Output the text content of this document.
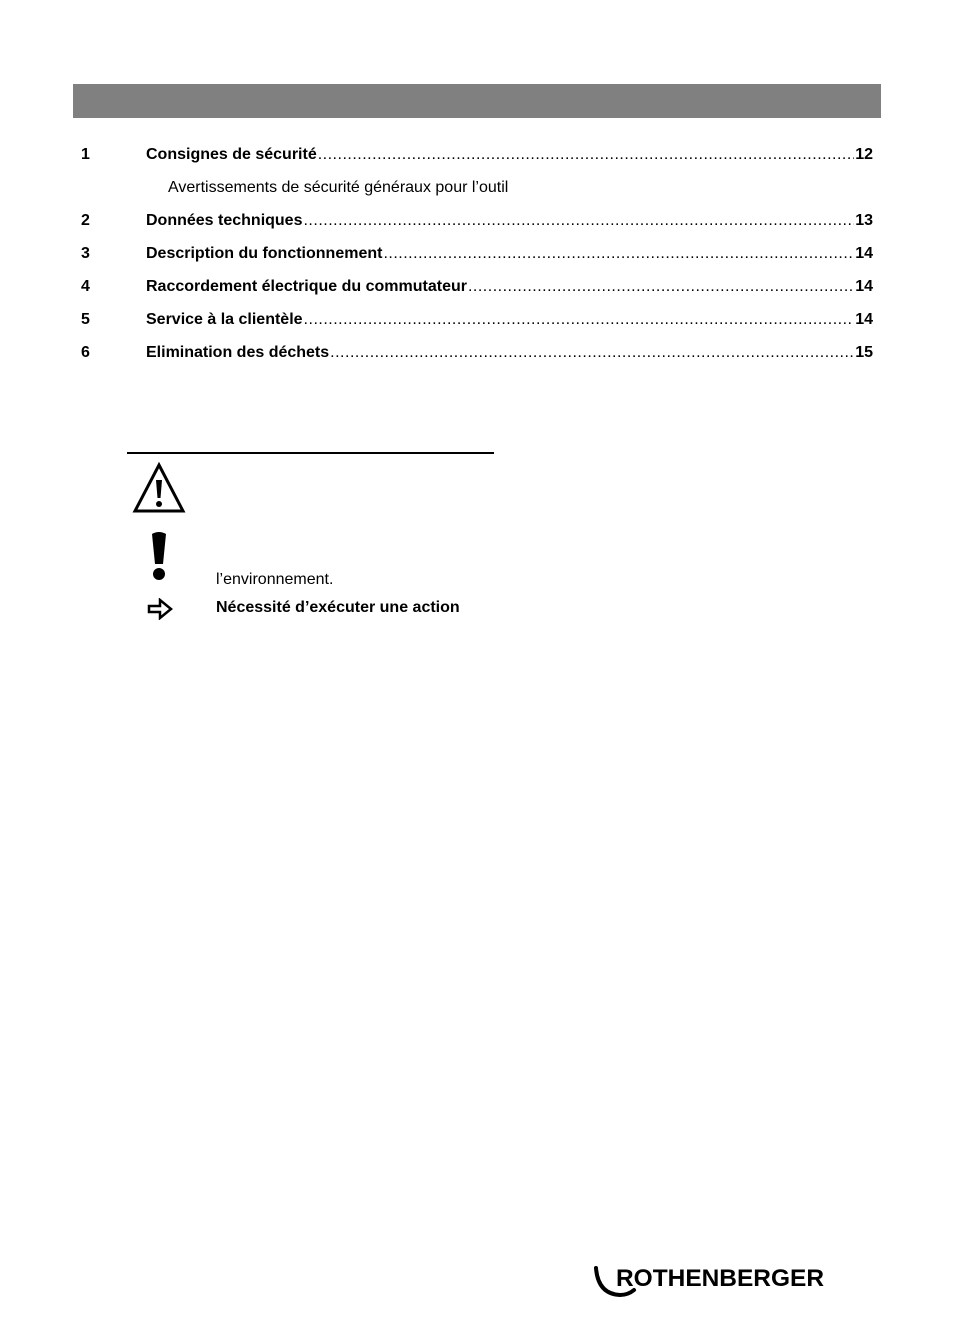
1	Consignes de sécurité .....	12
Avertissements de sécurité généraux pour l’outil
2	Données techniques .....	13
3	Description du fonctionnement .....	14
4	Raccordement électrique du commutateur .....	14
5	Service à la clientèle .....	14
6	Elimination des déchets .....	15
l’environnement.
Nécessité d’exécuter une action
ROTHENBERGER
